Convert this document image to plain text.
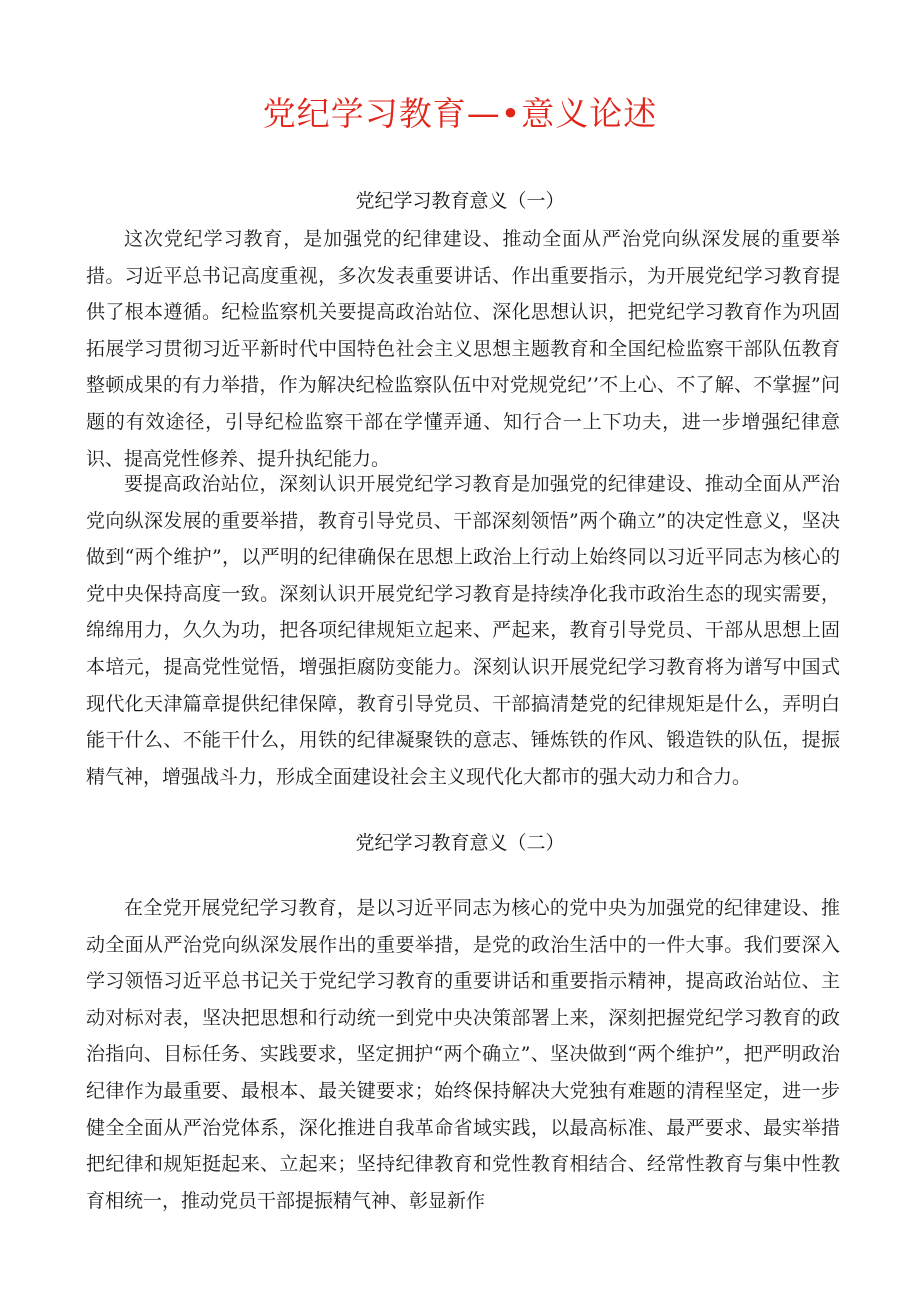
党纪学习教育—•意义论述
党纪学习教育意义（一）

这次党纪学习教育，是加强党的纪律建设、推动全面从严治党向纵深发展的重要举措。习近平总书记高度重视，多次发表重要讲话、作出重要指示，为开展党纪学习教育提供了根本遵循。纪检监察机关要提高政治站位、深化思想认识，把党纪学习教育作为巩固拓展学习贯彻习近平新时代中国特色社会主义思想主题教育和全国纪检监察干部队伍教育整顿成果的有力举措，作为解决纪检监察队伍中对党规党纪’’不上心、不了解、不掌握”问题的有效途径，引导纪检监察干部在学懂弄通、知行合一上下功夫，进一步增强纪律意识、提高党性修养、提升执纪能力。

要提高政治站位，深刻认识开展党纪学习教育是加强党的纪律建设、推动全面从严治党向纵深发展的重要举措，教育引导党员、干部深刻领悟”两个确立”的决定性意义，坚决做到“两个维护”，以严明的纪律确保在思想上政治上行动上始终同以习近平同志为核心的党中央保持高度一致。深刻认识开展党纪学习教育是持续净化我市政治生态的现实需要，绵绵用力，久久为功，把各项纪律规矩立起来、严起来，教育引导党员、干部从思想上固本培元，提高党性觉悟，增强拒腐防变能力。深刻认识开展党纪学习教育将为谱写中国式现代化天津篇章提供纪律保障，教育引导党员、干部搞清楚党的纪律规矩是什么，弄明白能干什么、不能干什么，用铁的纪律凝聚铁的意志、锤炼铁的作风、锻造铁的队伍，提振精气神，增强战斗力，形成全面建设社会主义现代化大都市的强大动力和合力。

党纪学习教育意义（二）

在全党开展党纪学习教育，是以习近平同志为核心的党中央为加强党的纪律建设、推动全面从严治党向纵深发展作出的重要举措，是党的政治生活中的一件大事。我们要深入学习领悟习近平总书记关于党纪学习教育的重要讲话和重要指示精神，提高政治站位、主动对标对表，坚决把思想和行动统一到党中央决策部署上来，深刻把握党纪学习教育的政治指向、目标任务、实践要求，坚定拥护“两个确立”、坚决做到“两个维护”，把严明政治纪律作为最重要、最根本、最关键要求；始终保持解决大党独有难题的清程坚定，进一步健全全面从严治党体系，深化推进自我革命省域实践，以最高标准、最严要求、最实举措把纪律和规矩挺起来、立起来；坚持纪律教育和党性教育相结合、经常性教育与集中性教育相统一，推动党员干部提振精气神、彰显新作
